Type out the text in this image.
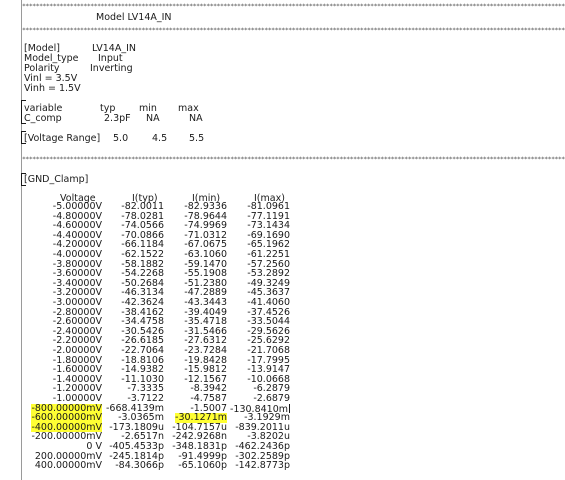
***************************************************************************************************************************************************************
Model LV14A_IN
***************************************************************************************************************************************************************
[Model]	LV14A_IN
Model_type Input
Polarity	Inverting
Vinl = 3.5V
Vinh = 1.5V
variable	typ min max
C_comp	2.3pF NA	NA
[Voltage Range] 5.0	4.5 5.5
***************************************************************************************************************************************************************
[GND_Clamp]
Voltage	I(typ)	I(min)	I(max)
-5.00000V -82.0011 -82.9336 -81.0961
-4.80000V -78.0281 -78.9644 -77.1191
-4.60000V -74.0566 -74.9969 -73.1434
-4.40000V -70.0866 -71.0312 -69.1690
-4.20000V -66.1184 -67.0675 -65.1962
-4.00000V -62.1522 -63.1060 -61.2251
-3.80000V -58.1882 -59.1470 -57.2560
-3.60000V -54.2268 -55.1908 -53.2892
-3.40000V -50.2684 -51.2380 -49.3249
-3.20000V -46.3134 -47.2889 -45.3637
-3.00000V -42.3624 -43.3443 -41.4060
-2.80000V -38.4162 -39.4049 -37.4526
-2.60000V -34.4758 -35.4718 -33.5044
-2.40000V -30.5426 -31.5466 -29.5626
-2.20000V -26.6185 -27.6312 -25.6292
-2.00000V -22.7064 -23.7284 -21.7068
-1.80000V -18.8106 -19.8428 -17.7995
-1.60000V -14.9382 -15.9812 -13.9147
-1.40000V -11.1030 -12.1567 -10.0668
-1.20000V	-7.3335	-8.3942	-6.2879
-1.00000V	-3.7122	-4.7587	-2.6879
-800.00000mV -668.4139m	-1.5007 -130.8410m
-600.00000mV -3.0365m -30.1271m -3.1929m
-400.00000mV -173.1809u -104.7157u -839.2011u
-200.00000mV -2.6517n -242.9268n -3.8202u
0 V -405.4533p -348.1831p -462.2436p
200.00000mV -245.1814p -91.4999p -302.2589p
400.00000mV -84.3066p -65.1060p -142.8773p
